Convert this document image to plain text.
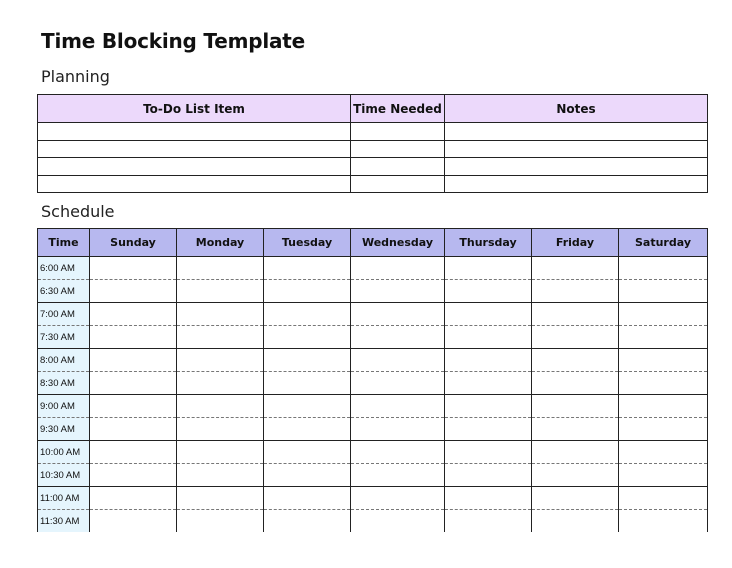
Time Blocking Template
Planning
To-Do List Item	Time Needed	Notes

Schedule
Time	Sunday	Monday	Tuesday	Wednesday	Thursday	Friday	Saturday
6:00 AM							
6:30 AM							
7:00 AM							
7:30 AM							
8:00 AM							
8:30 AM							
9:00 AM							
9:30 AM							
10:00 AM							
10:30 AM							
11:00 AM							
11:30 AM							
